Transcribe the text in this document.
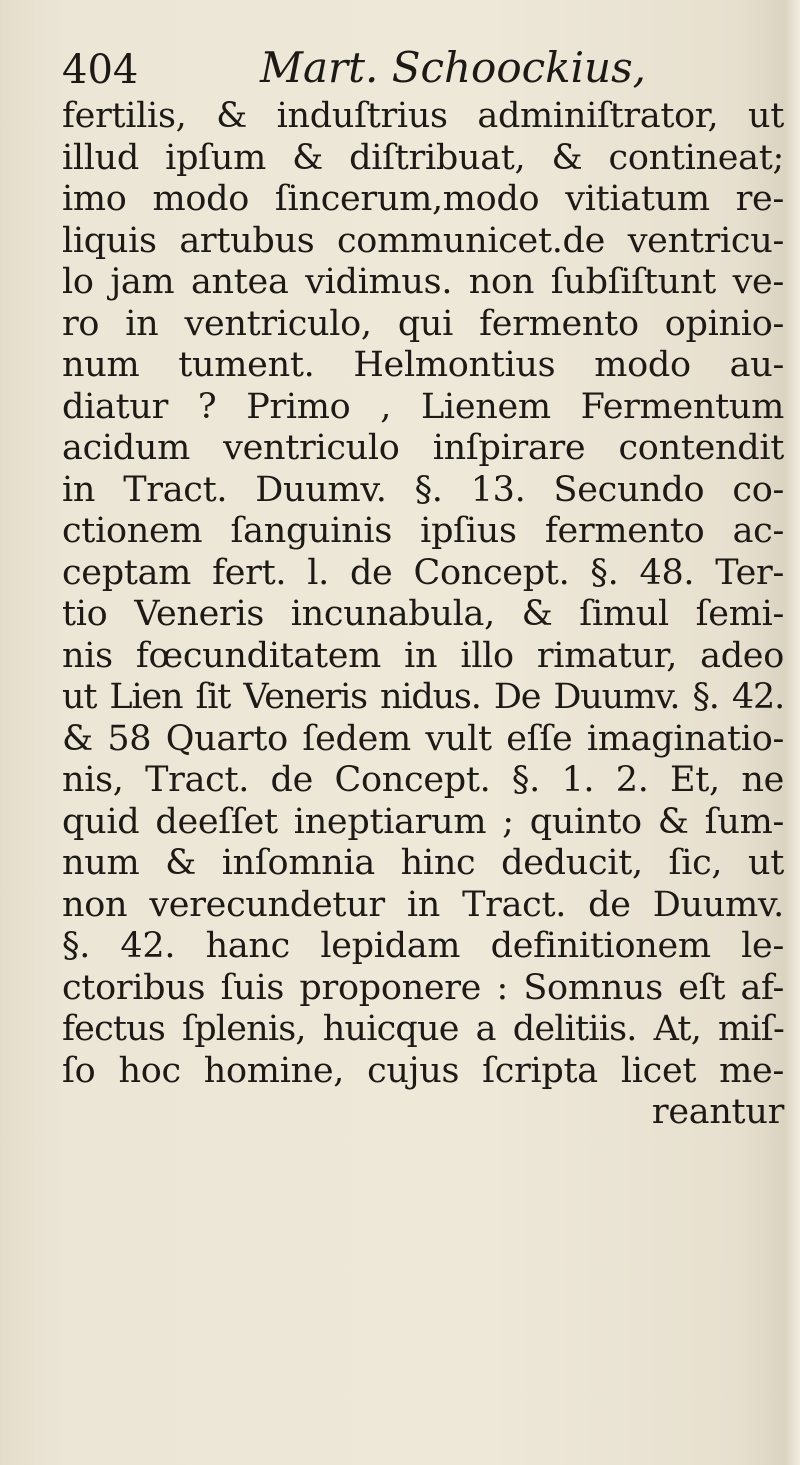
404	Mart. Schoockius,
fertilis, & induſtrius adminiſtrator, ut
illud ipſum & diſtribuat, & contineat;
imo modo ſincerum,modo vitiatum re-
liquis artubus communicet.de ventricu-
lo jam antea vidimus. non ſubſiſtunt ve-
ro in ventriculo, qui fermento opinio-
num tument. Helmontius modo au-
diatur ? Primo , Lienem Fermentum
acidum ventriculo inſpirare contendit
in Tract. Duumv. §. 13. Secundo co-
ctionem ſanguinis ipſius fermento ac-
ceptam fert. l. de Concept. §. 48. Ter-
tio Veneris incunabula, & ſimul ſemi-
nis fœcunditatem in illo rimatur, adeo
ut Lien ſit Veneris nidus. De Duumv. §. 42.
& 58 Quarto ſedem vult eſſe imaginatio-
nis, Tract. de Concept. §. 1. 2. Et, ne
quid deeſſet ineptiarum ; quinto & ſum-
num & inſomnia hinc deducit, ſic, ut
non verecundetur in Tract. de Duumv.
§. 42. hanc lepidam definitionem le-
ctoribus ſuis proponere : Somnus eſt af-
fectus ſplenis, huicque a delitiis. At, miſ-
ſo hoc homine, cujus ſcripta licet me-
reantur
